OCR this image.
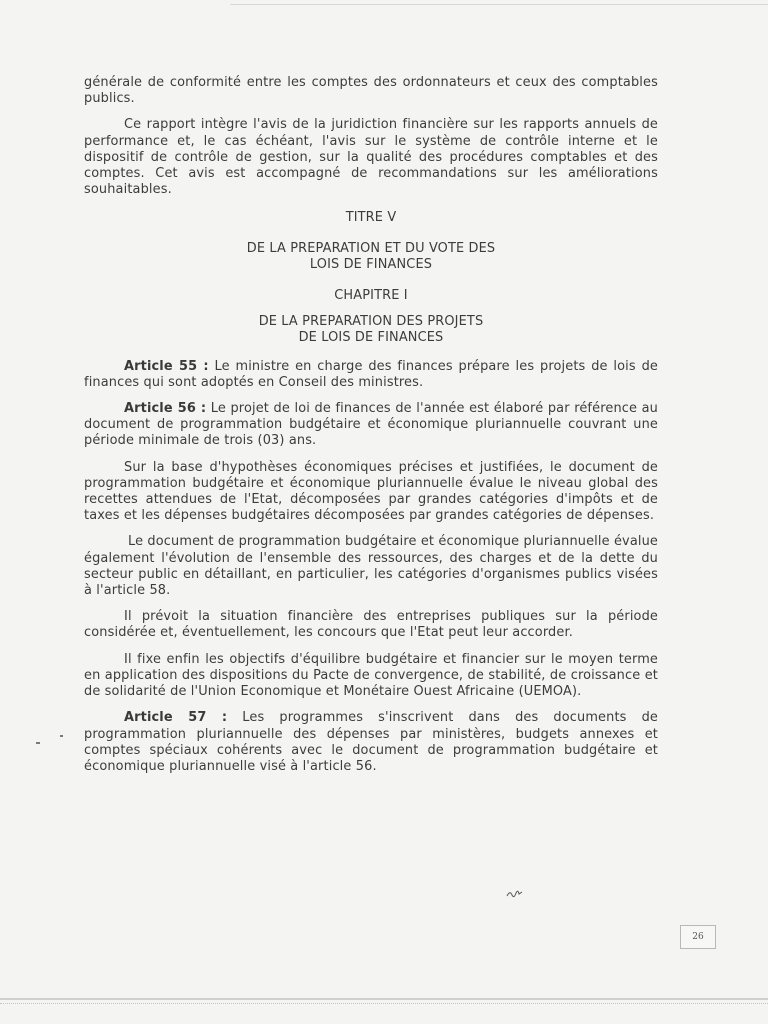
générale de conformité entre les comptes des ordonnateurs et ceux des comptables publics.

Ce rapport intègre l'avis de la juridiction financière sur les rapports annuels de performance et, le cas échéant, l'avis sur le système de contrôle interne et le dispositif de contrôle de gestion, sur la qualité des procédures comptables et des comptes. Cet avis est accompagné de recommandations sur les améliorations souhaitables.

TITRE V

DE LA PREPARATION ET DU VOTE DES

LOIS DE FINANCES

CHAPITRE I

DE LA PREPARATION DES PROJETS

DE LOIS DE FINANCES

Article 55 : Le ministre en charge des finances prépare les projets de lois de finances qui sont adoptés en Conseil des ministres.

Article 56 : Le projet de loi de finances de l'année est élaboré par référence au document de programmation budgétaire et économique pluriannuelle couvrant une période minimale de trois (03) ans.

Sur la base d'hypothèses économiques précises et justifiées, le document de programmation budgétaire et économique pluriannuelle évalue le niveau global des recettes attendues de l'Etat, décomposées par grandes catégories d'impôts et de taxes et les dépenses budgétaires décomposées par grandes catégories de dépenses.

Le document de programmation budgétaire et économique pluriannuelle évalue également l'évolution de l'ensemble des ressources, des charges et de la dette du secteur public en détaillant, en particulier, les catégories d'organismes publics visées à l'article 58.

Il prévoit la situation financière des entreprises publiques sur la période considérée et, éventuellement, les concours que l'Etat peut leur accorder.

Il fixe enfin les objectifs d'équilibre budgétaire et financier sur le moyen terme en application des dispositions du Pacte de convergence, de stabilité, de croissance et de solidarité de l'Union Economique et Monétaire Ouest Africaine (UEMOA).

Article 57 : Les programmes s'inscrivent dans des documents de programmation pluriannuelle des dépenses par ministères, budgets annexes et comptes spéciaux cohérents avec le document de programmation budgétaire et économique pluriannuelle visé à l'article 56.

26
